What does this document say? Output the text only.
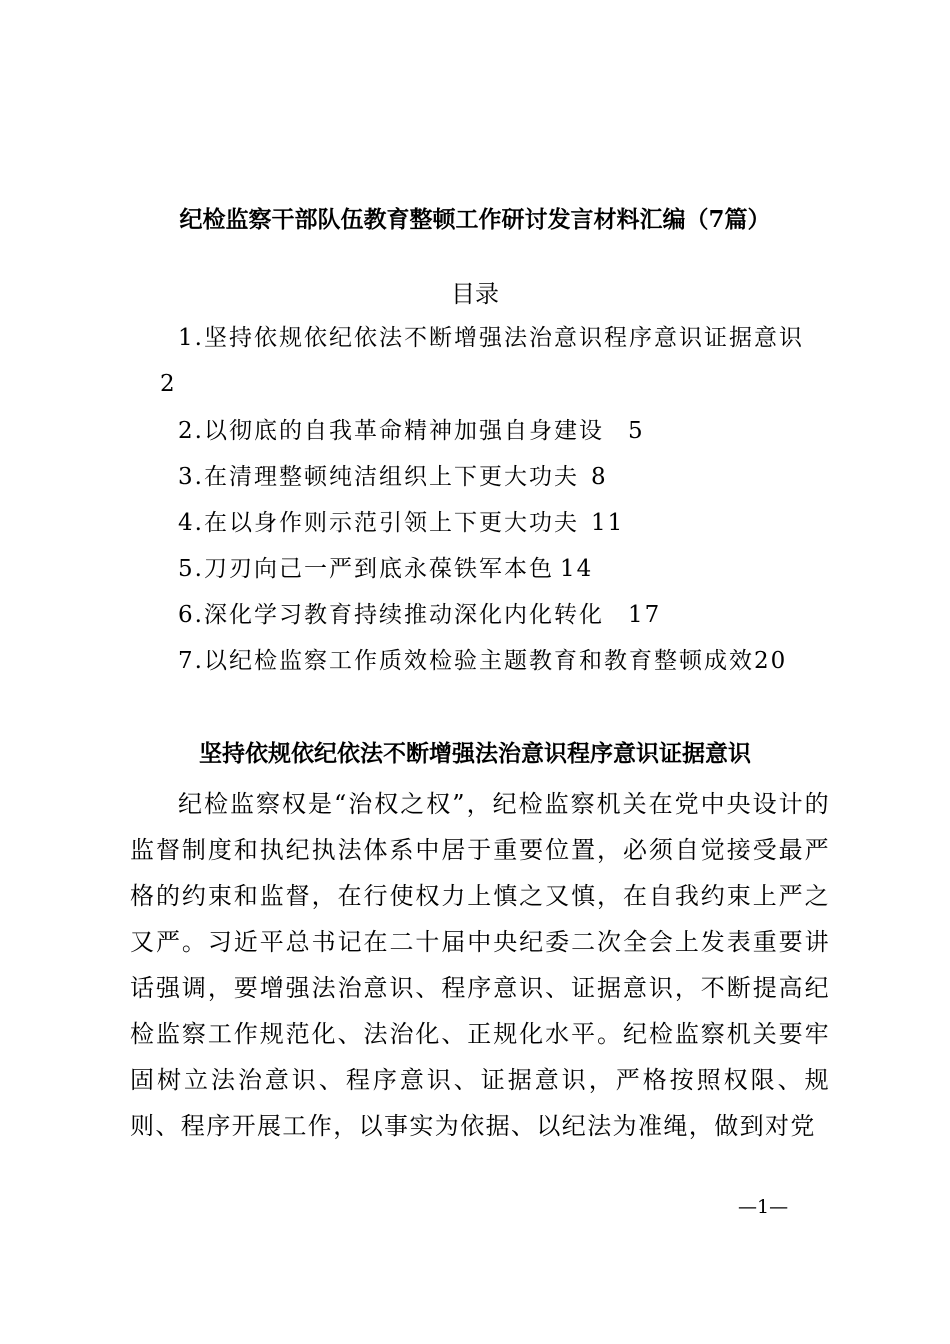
纪检监察干部队伍教育整顿工作研讨发言材料汇编（7篇）
目录
1.坚持依规依纪依法不断增强法治意识程序意识证据意识
2
2.以彻底的自我革命精神加强自身建设 5
3.在清理整顿纯洁组织上下更大功夫 8
4.在以身作则示范引领上下更大功夫 11
5.刀刃向己一严到底永葆铁军本色 14
6.深化学习教育持续推动深化内化转化 17
7.以纪检监察工作质效检验主题教育和教育整顿成效20
坚持依规依纪依法不断增强法治意识程序意识证据意识

纪检监察权是“治权之权”，纪检监察机关在党中央设计的监督制度和执纪执法体系中居于重要位置，必须自觉接受最严格的约束和监督，在行使权力上慎之又慎，在自我约束上严之又严。习近平总书记在二十届中央纪委二次全会上发表重要讲话强调，要增强法治意识、程序意识、证据意识，不断提高纪检监察工作规范化、法治化、正规化水平。纪检监察机关要牢固树立法治意识、程序意识、证据意识，严格按照权限、规则、程序开展工作，以事实为依据、以纪法为准绳，做到对党

—1—
